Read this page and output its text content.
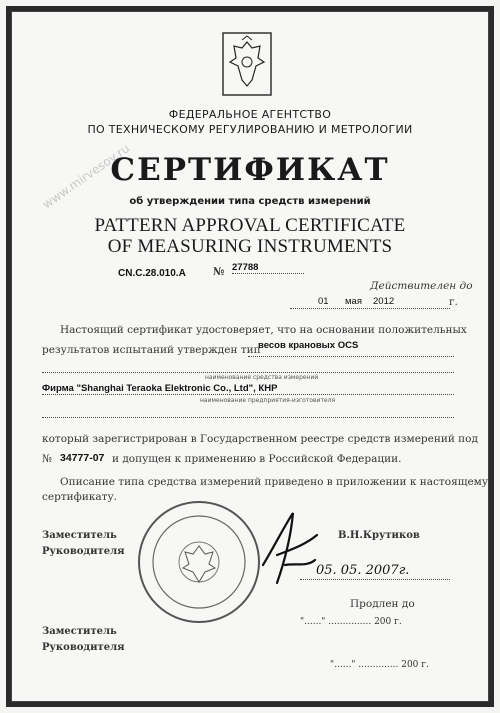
ФЕДЕРАЛЬНОЕ АГЕНТСТВО
ПО ТЕХНИЧЕСКОМУ РЕГУЛИРОВАНИЮ И МЕТРОЛОГИИ
СЕРТИФИКАТ
об утверждении типа средств измерений
PATTERN APPROVAL CERTIFICATE
OF MEASURING INSTRUMENTS
CN.C.28.010.A	№ 27788
Действителен до
01 мая 2012	г.
Настоящий сертификат удостоверяет, что на основании положительных
результатов испытаний утвержден тип
весов крановых OCS
наименование средства измерений
Фирма "Shanghai Teraoka Elektronic Co., Ltd", КНР
наименование предприятия-изготовителя
который зарегистрирован в Государственном реестре средств измерений под
№ 34777-07 и допущен к применению в Российской Федерации.
Описание типа средства измерений приведено в приложении к настоящему
сертификату.
Заместитель
Руководителя
В.Н.Крутиков
05. 05. 2007г.
Продлен до
"......" ............... 200 г.
Заместитель
Руководителя
"......" .............. 200 г.
www.mirvesov.ru
